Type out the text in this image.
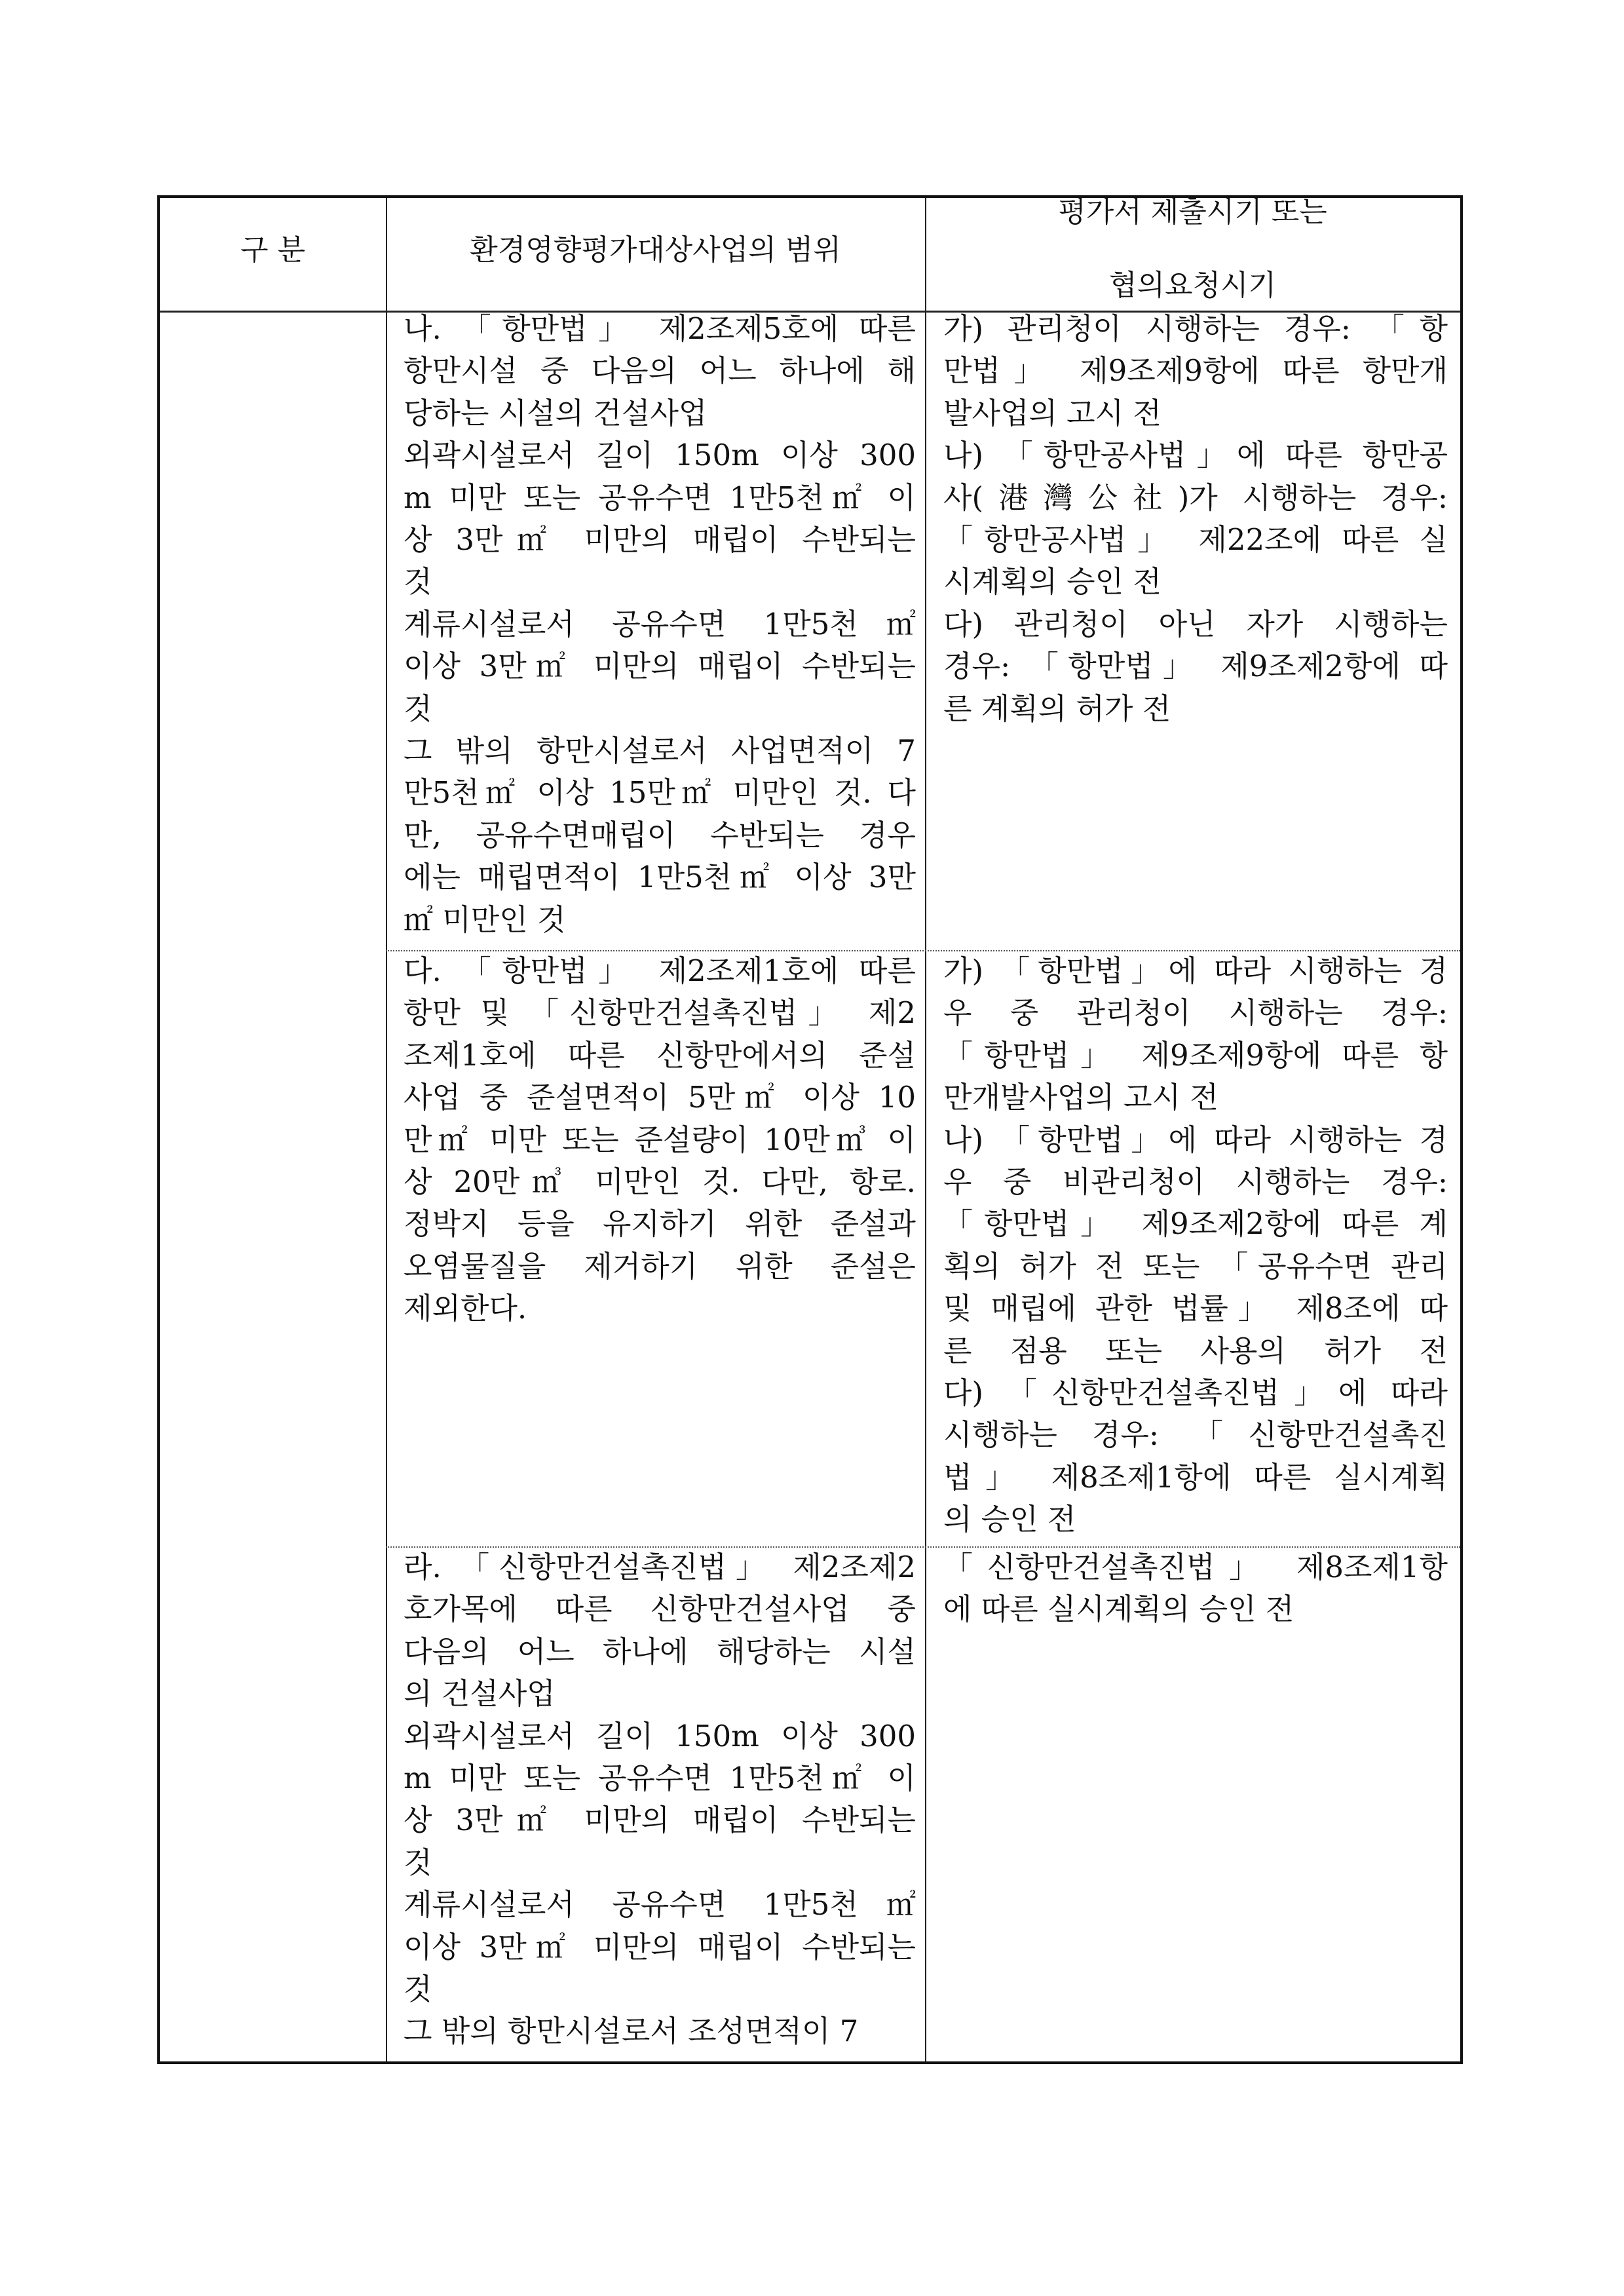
구 분	환경영향평가대상사업의 범위
평가서 제출시기 또는
협의요청시기
나. 「항만법」 제2조제5호에 따른
항만시설 중 다음의 어느 하나에 해
당하는 시설의 건설사업
외곽시설로서 길이 150m 이상 300
m 미만 또는 공유수면 1만5천㎡ 이
상 3만㎡ 미만의 매립이 수반되는
것
계류시설로서 공유수면 1만5천㎡
이상 3만㎡ 미만의 매립이 수반되는
것
그 밖의 항만시설로서 사업면적이 7
만5천㎡ 이상 15만㎡ 미만인 것. 다
만, 공유수면매립이 수반되는 경우
에는 매립면적이 1만5천㎡ 이상 3만
㎡ 미만인 것
가) 관리청이 시행하는 경우: 「항
만법」 제9조제9항에 따른 항만개
발사업의 고시 전
나) 「항만공사법」에 따른 항만공
사(港灣公社)가 시행하는 경우:
「항만공사법」 제22조에 따른 실
시계획의 승인 전
다) 관리청이 아닌 자가 시행하는
경우: 「항만법」 제9조제2항에 따
른 계획의 허가 전
다. 「항만법」 제2조제1호에 따른
항만 및 「신항만건설촉진법」 제2
조제1호에 따른 신항만에서의 준설
사업 중 준설면적이 5만㎡ 이상 10
만㎡ 미만 또는 준설량이 10만㎥ 이
상 20만㎥ 미만인 것. 다만, 항로.
정박지 등을 유지하기 위한 준설과
오염물질을 제거하기 위한 준설은
제외한다.
가) 「항만법」에 따라 시행하는 경
우 중 관리청이 시행하는 경우:
「항만법」 제9조제9항에 따른 항
만개발사업의 고시 전
나) 「항만법」에 따라 시행하는 경
우 중 비관리청이 시행하는 경우:
「항만법」 제9조제2항에 따른 계
획의 허가 전 또는 「공유수면 관리
및 매립에 관한 법률」 제8조에 따
른 점용 또는 사용의 허가 전
다) 「신항만건설촉진법」에 따라
시행하는 경우: 「신항만건설촉진
법」 제8조제1항에 따른 실시계획
의 승인 전
라. 「신항만건설촉진법」 제2조제2
호가목에 따른 신항만건설사업 중
다음의 어느 하나에 해당하는 시설
의 건설사업
외곽시설로서 길이 150m 이상 300
m 미만 또는 공유수면 1만5천㎡ 이
상 3만㎡ 미만의 매립이 수반되는
것
계류시설로서 공유수면 1만5천㎡
이상 3만㎡ 미만의 매립이 수반되는
것
그 밖의 항만시설로서 조성면적이 7
「신항만건설촉진법」 제8조제1항
에 따른 실시계획의 승인 전
